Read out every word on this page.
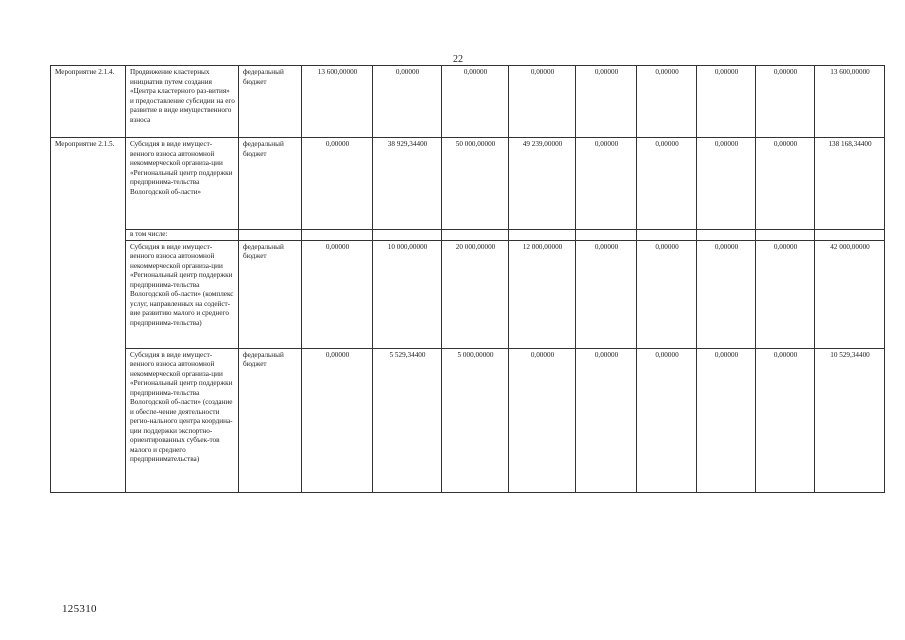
22
Мероприятие 2.1.4.	Продвижение кластерных инициатив путем создания «Центра кластерного раз-вития» и предоставление субсидии на его развитие в виде имущественного взноса	федеральный бюджет	13 600,00000	0,00000	0,00000	0,00000	0,00000	0,00000	0,00000	0,00000	13 600,00000
Мероприятие 2.1.5.	Субсидия в виде имущест-венного взноса автономной некоммерческой организа-ции «Региональный центр поддержки предпринима-тельства Вологодской об-ласти»	федеральный бюджет	0,00000	38 929,34400	50 000,00000	49 239,00000	0,00000	0,00000	0,00000	0,00000	138 168,34400
	в том числе:										
	Субсидия в виде имущест-венного взноса автономной некоммерческой организа-ции «Региональный центр поддержки предпринима-тельства Вологодской об-ласти» (комплекс услуг, направленных на содейст-вие развитию малого и среднего предпринима-тельства)	федеральный бюджет	0,00000	10 000,00000	20 000,00000	12 000,00000	0,00000	0,00000	0,00000	0,00000	42 000,00000
	Субсидия в виде имущест-венного взноса автономной некоммерческой организа-ции «Региональный центр поддержки предпринима-тельства Вологодской об-ласти» (создание и обеспе-чение деятельности регио-нального центра координа-ции поддержки экспортно-ориентированных субъек-тов малого и среднего предпринимательства)	федеральный бюджет	0,00000	5 529,34400	5 000,00000	0,00000	0,00000	0,00000	0,00000	0,00000	10 529,34400
125310
